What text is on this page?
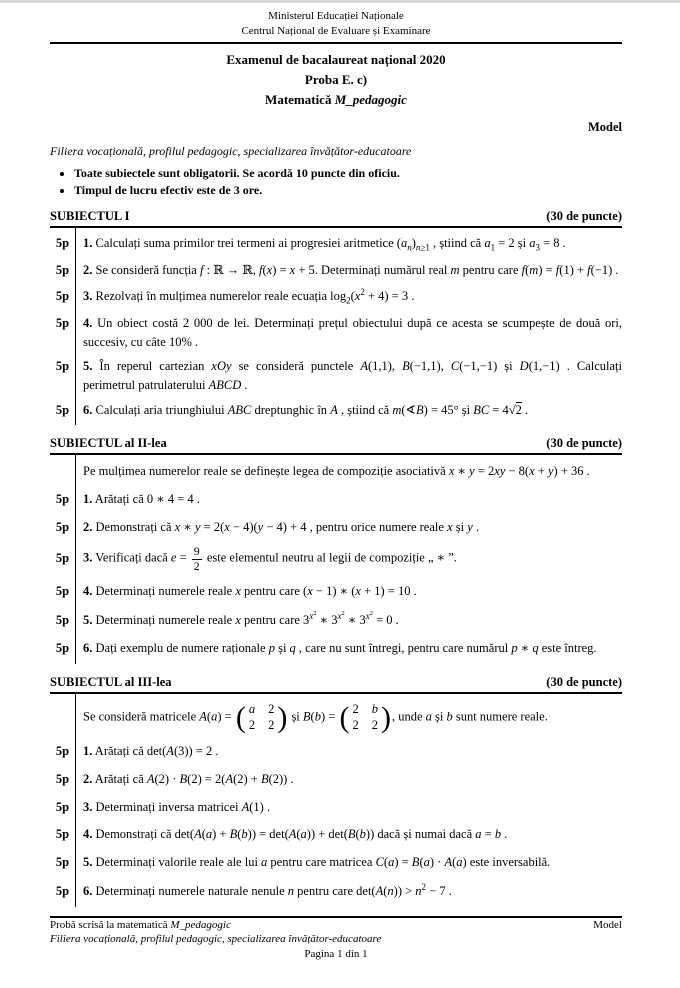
Ministerul Educației Naționale
Centrul Național de Evaluare și Examinare
Examenul de bacalaureat național 2020
Proba E. c)
Matematică M_pedagogic
Model
Filiera vocațională, profilul pedagogic, specializarea învățător-educatoare
• Toate subiectele sunt obligatorii. Se acordă 10 puncte din oficiu.
• Timpul de lucru efectiv este de 3 ore.
SUBIECTUL I	(30 de puncte)
5p	1. Calculați suma primilor trei termeni ai progresiei aritmetice $(a_n)_{n\ge 1}$ , știind că $a_1 = 2$ și $a_3 = 8$ .
5p	2. Se consideră funcția f : ℝ → ℝ, f(x) = x + 5. Determinați numărul real m pentru care f(m) = f(1) + f(−1) .
5p	3. Rezolvați în mulțimea numerelor reale ecuația $\log_2(x^2 + 4) = 3$ .
5p	4. Un obiect costă 2 000 de lei. Determinați prețul obiectului după ce acesta se scumpește de două ori, succesiv, cu câte 10% .
5p	5. În reperul cartezian xOy se consideră punctele A(1,1), B(−1,1), C(−1,−1) și D(1,−1) . Calculați perimetrul patrulaterului ABCD .
5p	6. Calculați aria triunghiului ABC dreptunghic în A , știind că m(∢B) = 45° și BC = 4√2 .
SUBIECTUL al II-lea	(30 de puncte)
Pe mulțimea numerelor reale se definește legea de compoziție asociativă x ∗ y = 2xy − 8(x + y) + 36 .
5p	1. Arătați că 0 ∗ 4 = 4 .
5p	2. Demonstrați că x ∗ y = 2(x − 4)(y − 4) + 4 , pentru orice numere reale x și y .
5p	3. Verificați dacă $e = \frac{9}{2}$ este elementul neutru al legii de compoziție „ ∗ ”.
5p	4. Determinați numerele reale x pentru care (x − 1) ∗ (x + 1) = 10 .
5p	5. Determinați numerele reale x pentru care $3^{x^2}$ ∗ $3^{x^2}$ ∗ $3^{x^2} = 0$ .
5p	6. Dați exemplu de numere raționale p și q , care nu sunt întregi, pentru care numărul p ∗ q este întreg.
SUBIECTUL al III-lea	(30 de puncte)
Se consideră matricele A(a) = ( a 2
2 2 ) și B(b) = ( 2 b
2 2 ) , unde a și b sunt numere reale.
5p	1. Arătați că det(A(3)) = 2 .
5p	2. Arătați că A(2) · B(2) = 2(A(2) + B(2)) .
5p	3. Determinați inversa matricei A(1) .
5p	4. Demonstrați că det(A(a) + B(b)) = det(A(a)) + det(B(b)) dacă și numai dacă a = b .
5p	5. Determinați valorile reale ale lui a pentru care matricea C(a) = B(a) · A(a) este inversabilă.
5p	6. Determinați numerele naturale nenule n pentru care $\det(A(n)) > n^2 - 7$ .
Probă scrisă la matematică M_pedagogic	Model
Filiera vocațională, profilul pedagogic, specializarea învățător-educatoare
Pagina 1 din 1
